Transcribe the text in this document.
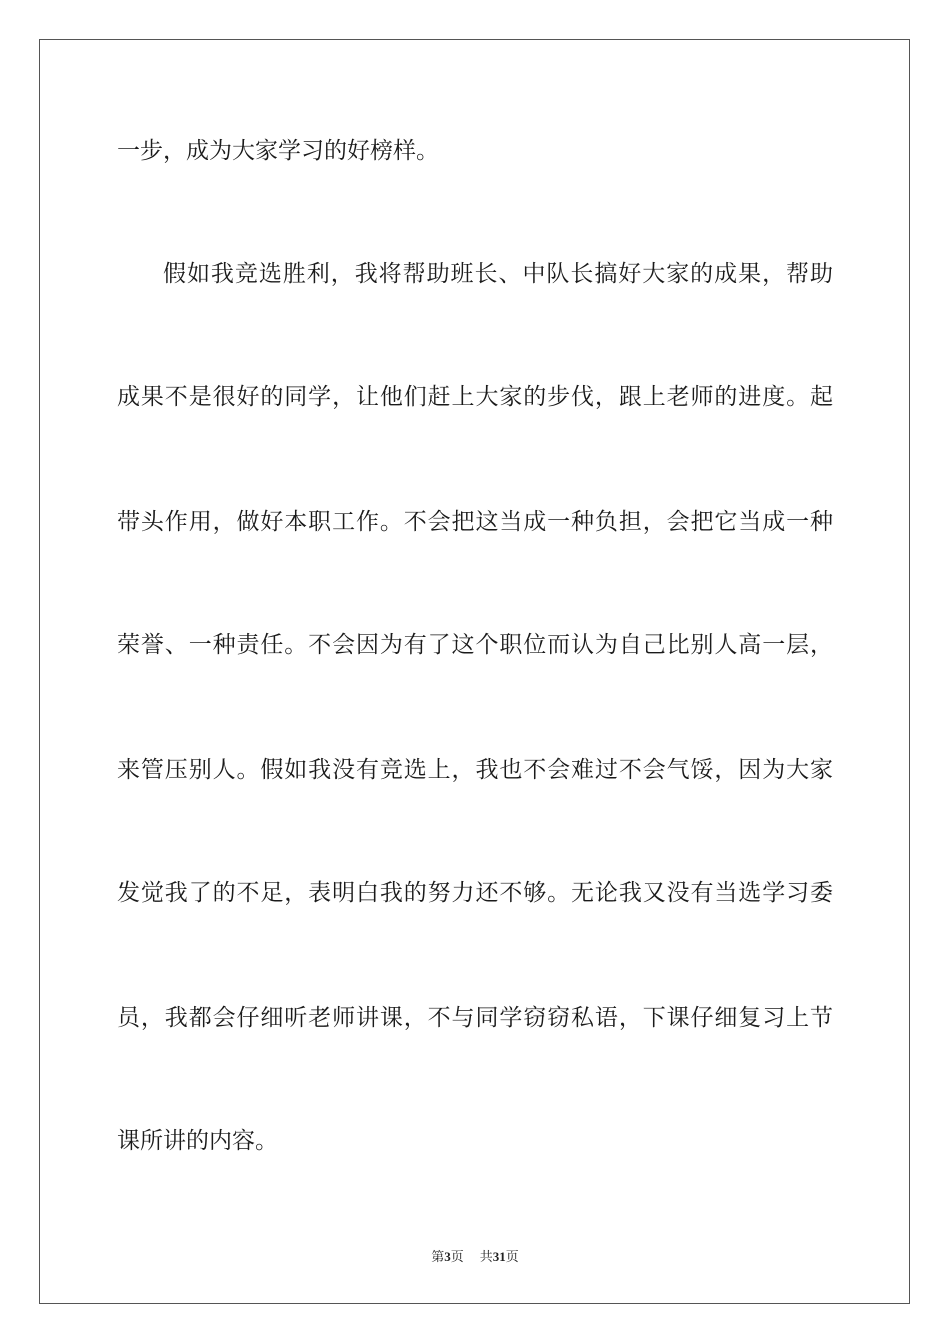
一步，成为大家学习的好榜样。
假如我竞选胜利，我将帮助班长、中队长搞好大家的成果，帮助
成果不是很好的同学，让他们赶上大家的步伐，跟上老师的进度。起
带头作用，做好本职工作。不会把这当成一种负担，会把它当成一种
荣誉、一种责任。不会因为有了这个职位而认为自己比别人高一层，
来管压别人。假如我没有竞选上，我也不会难过不会气馁，因为大家
发觉我了的不足，表明白我的努力还不够。无论我又没有当选学习委
员，我都会仔细听老师讲课，不与同学窃窃私语，下课仔细复习上节
课所讲的内容。
第3页 共31页
